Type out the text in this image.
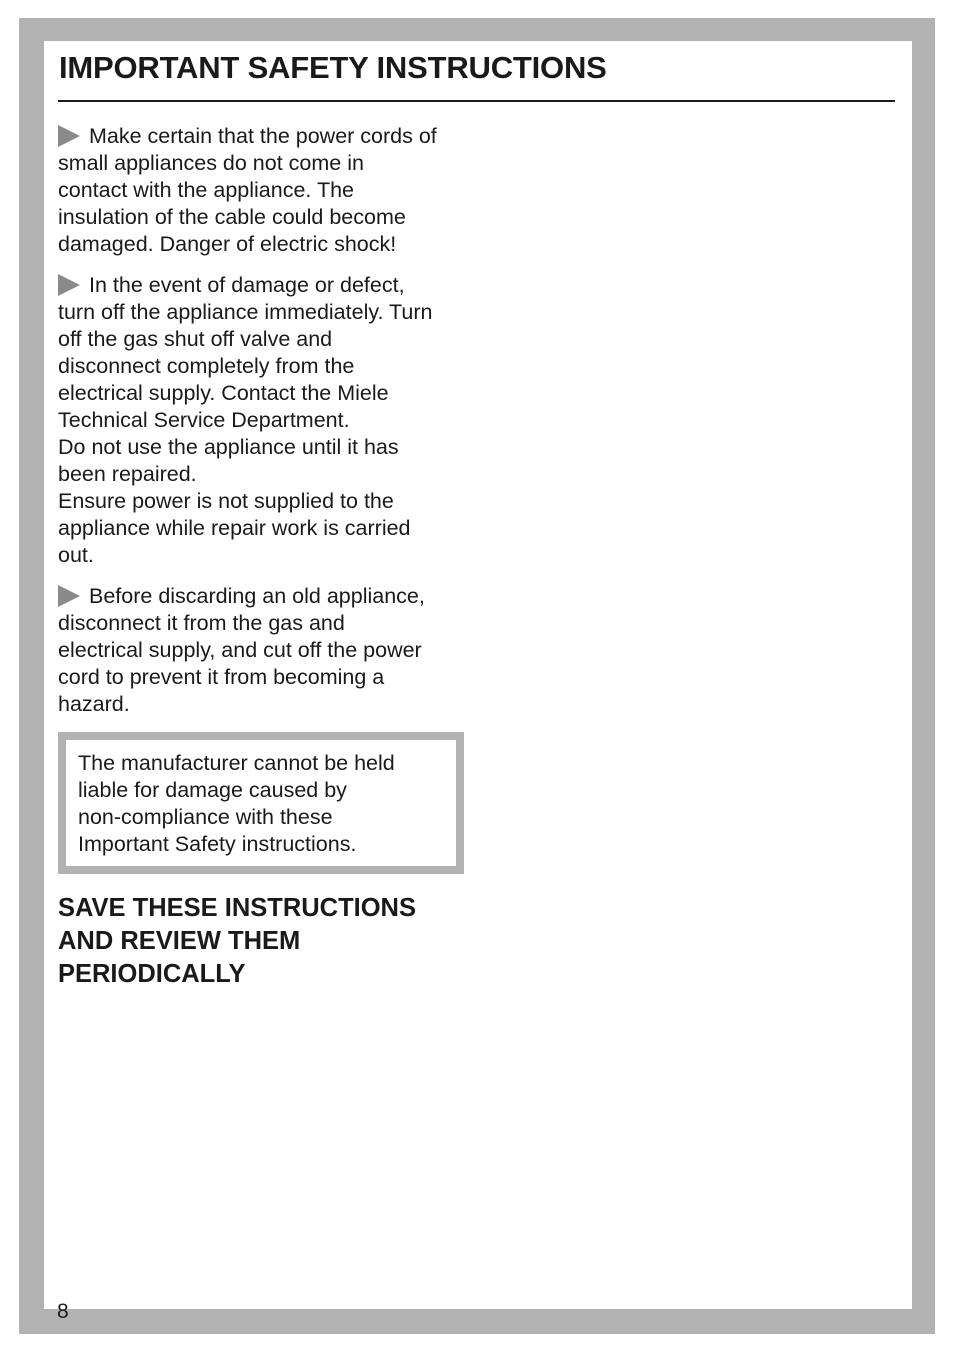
IMPORTANT SAFETY INSTRUCTIONS

Make certain that the power cords of
small appliances do not come in
contact with the appliance. The
insulation of the cable could become
damaged. Danger of electric shock!

In the event of damage or defect,
turn off the appliance immediately. Turn
off the gas shut off valve and
disconnect completely from the
electrical supply. Contact the Miele
Technical Service Department.
Do not use the appliance until it has
been repaired.
Ensure power is not supplied to the
appliance while repair work is carried
out.

Before discarding an old appliance,
disconnect it from the gas and
electrical supply, and cut off the power
cord to prevent it from becoming a
hazard.

The manufacturer cannot be held
liable for damage caused by
non-compliance with these
Important Safety instructions.
SAVE THESE INSTRUCTIONS
AND REVIEW THEM
PERIODICALLY
8
